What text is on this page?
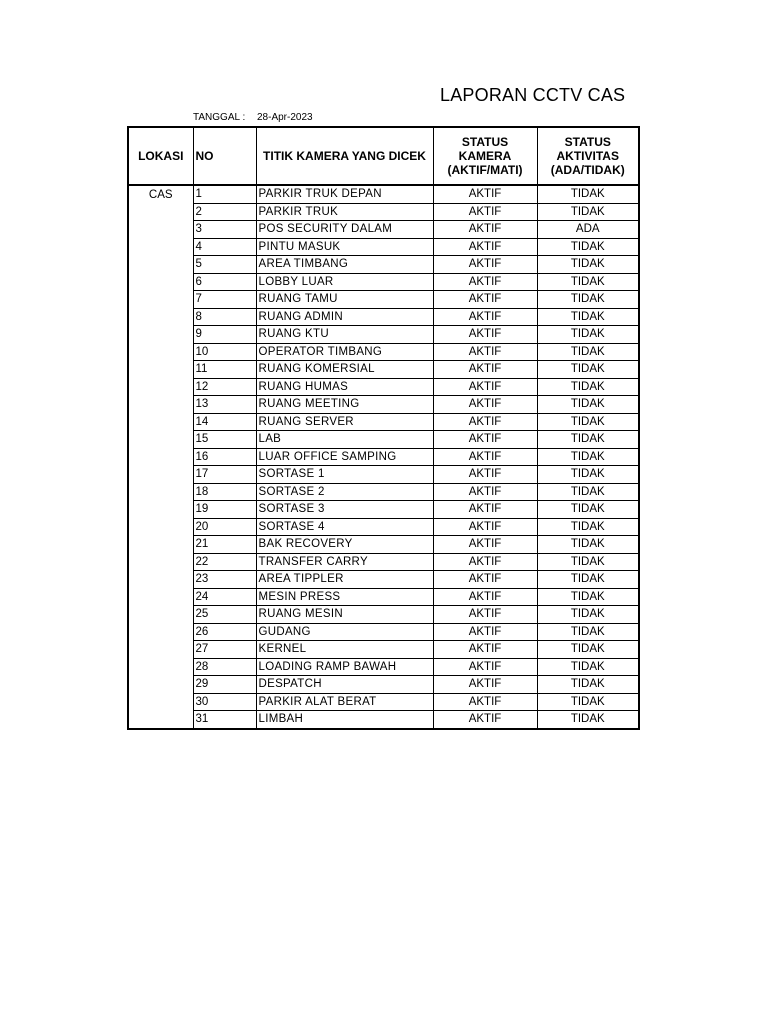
LAPORAN CCTV CAS
TANGGAL : 28-Apr-2023
LOKASI	NO	TITIK KAMERA YANG DICEK	STATUS KAMERA (AKTIF/MATI)	STATUS AKTIVITAS (ADA/TIDAK)
CAS	1	PARKIR TRUK DEPAN	AKTIF	TIDAK
	2	PARKIR TRUK	AKTIF	TIDAK
	3	POS SECURITY DALAM	AKTIF	ADA
	4	PINTU MASUK	AKTIF	TIDAK
	5	AREA TIMBANG	AKTIF	TIDAK
	6	LOBBY LUAR	AKTIF	TIDAK
	7	RUANG TAMU	AKTIF	TIDAK
	8	RUANG ADMIN	AKTIF	TIDAK
	9	RUANG KTU	AKTIF	TIDAK
	10	OPERATOR TIMBANG	AKTIF	TIDAK
	11	RUANG KOMERSIAL	AKTIF	TIDAK
	12	RUANG HUMAS	AKTIF	TIDAK
	13	RUANG MEETING	AKTIF	TIDAK
	14	RUANG SERVER	AKTIF	TIDAK
	15	LAB	AKTIF	TIDAK
	16	LUAR OFFICE SAMPING	AKTIF	TIDAK
	17	SORTASE 1	AKTIF	TIDAK
	18	SORTASE 2	AKTIF	TIDAK
	19	SORTASE 3	AKTIF	TIDAK
	20	SORTASE 4	AKTIF	TIDAK
	21	BAK RECOVERY	AKTIF	TIDAK
	22	TRANSFER CARRY	AKTIF	TIDAK
	23	AREA TIPPLER	AKTIF	TIDAK
	24	MESIN PRESS	AKTIF	TIDAK
	25	RUANG MESIN	AKTIF	TIDAK
	26	GUDANG	AKTIF	TIDAK
	27	KERNEL	AKTIF	TIDAK
	28	LOADING RAMP BAWAH	AKTIF	TIDAK
	29	DESPATCH	AKTIF	TIDAK
	30	PARKIR ALAT BERAT	AKTIF	TIDAK
	31	LIMBAH	AKTIF	TIDAK
